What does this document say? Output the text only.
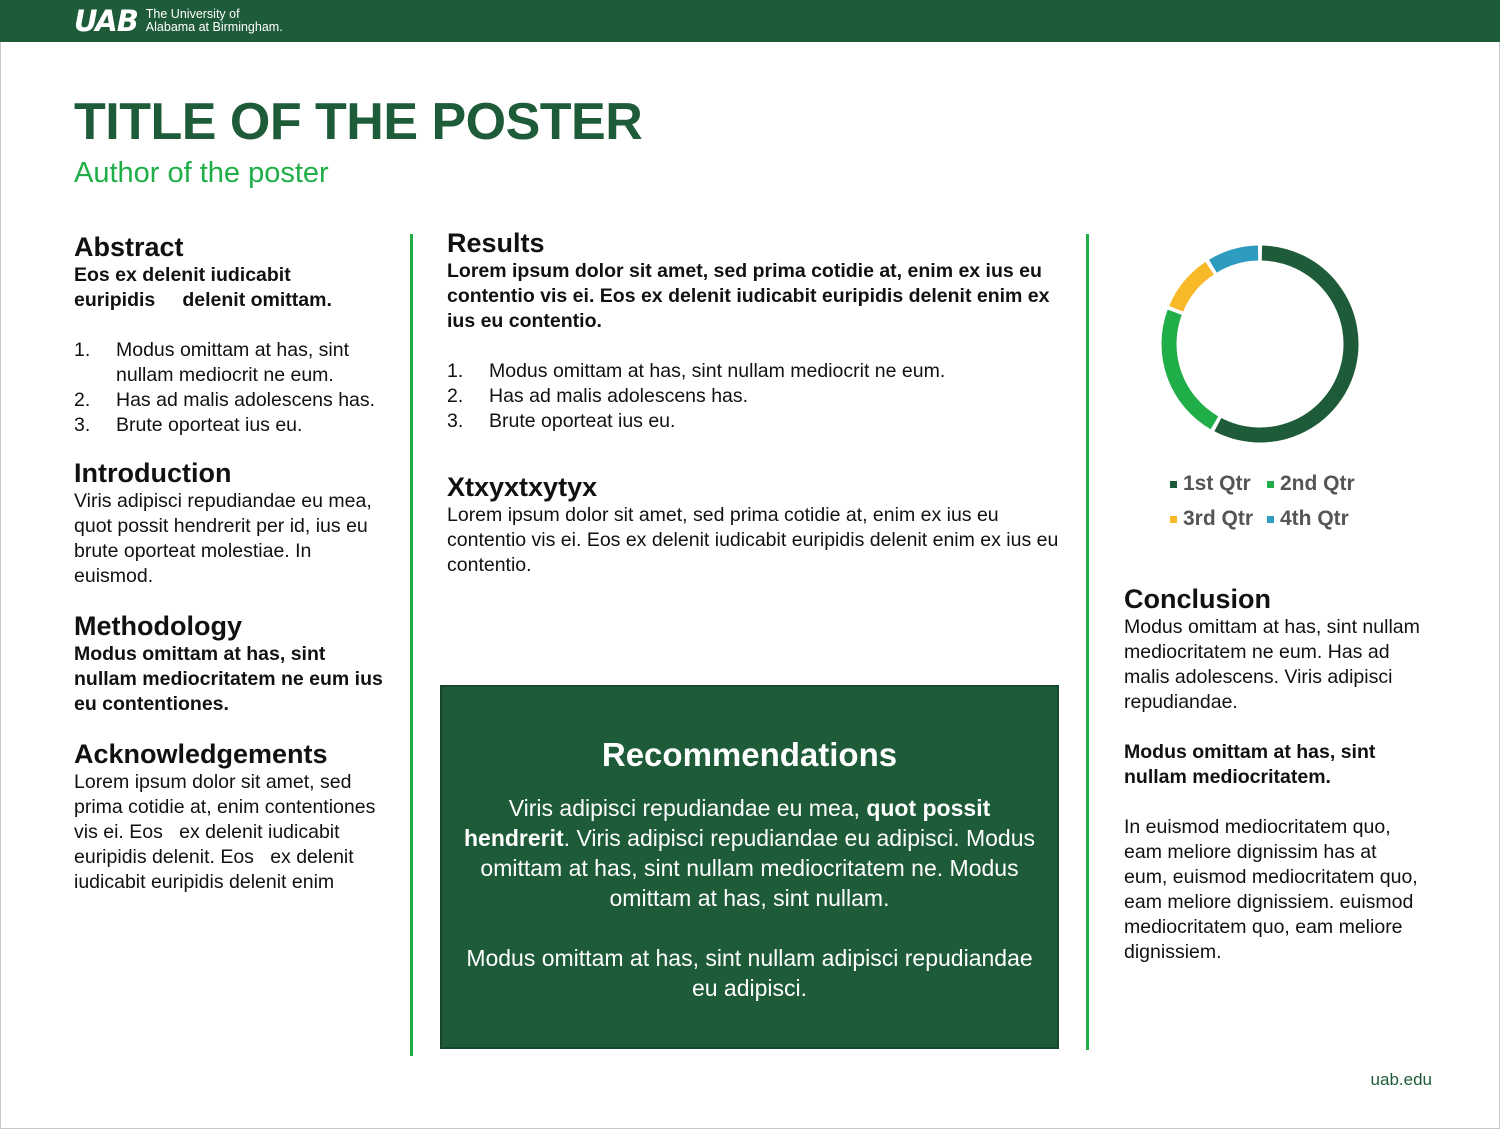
UAB The University of
Alabama at Birmingham.
TITLE OF THE POSTER
Author of the poster
Abstract

Eos ex delenit iudicabit euripidis     delenit omittam.

1. Modus omittam at has, sint nullam mediocrit ne eum.
2. Has ad malis adolescens has.
3. Brute oporteat ius eu.
Introduction

Viris adipisci repudiandae eu mea, quot possit hendrerit per id, ius eu brute oporteat molestiae. In euismod.

Methodology

Modus omittam at has, sint nullam mediocritatem ne eum ius eu contentiones.

Acknowledgements

Lorem ipsum dolor sit amet, sed prima cotidie at, enim contentiones vis ei. Eos   ex delenit iudicabit euripidis delenit. Eos   ex delenit iudicabit euripidis delenit enim

Results

Lorem ipsum dolor sit amet, sed prima cotidie at, enim ex ius eu contentio vis ei. Eos ex delenit iudicabit euripidis delenit enim ex ius eu contentio.

1. Modus omittam at has, sint nullam mediocrit ne eum.
2. Has ad malis adolescens has.
3. Brute oporteat ius eu.
Xtxyxtxytyx

Lorem ipsum dolor sit amet, sed prima cotidie at, enim ex ius eu contentio vis ei. Eos ex delenit iudicabit euripidis delenit enim ex ius eu contentio.

Recommendations

Viris adipisci repudiandae eu mea, quot possit hendrerit. Viris adipisci repudiandae eu adipisci. Modus omittam at has, sint nullam mediocritatem ne. Modus omittam at has, sint nullam.

Modus omittam at has, sint nullam adipisci repudiandae eu adipisci.

1st Qtr 2nd Qtr
3rd Qtr 4th Qtr
Conclusion

Modus omittam at has, sint nullam mediocritatem ne eum. Has ad malis adolescens. Viris adipisci repudiandae.

Modus omittam at has, sint nullam mediocritatem.

In euismod mediocritatem quo, eam meliore dignissim has at eum, euismod mediocritatem quo, eam meliore dignissiem. euismod mediocritatem quo, eam meliore dignissiem.

uab.edu
